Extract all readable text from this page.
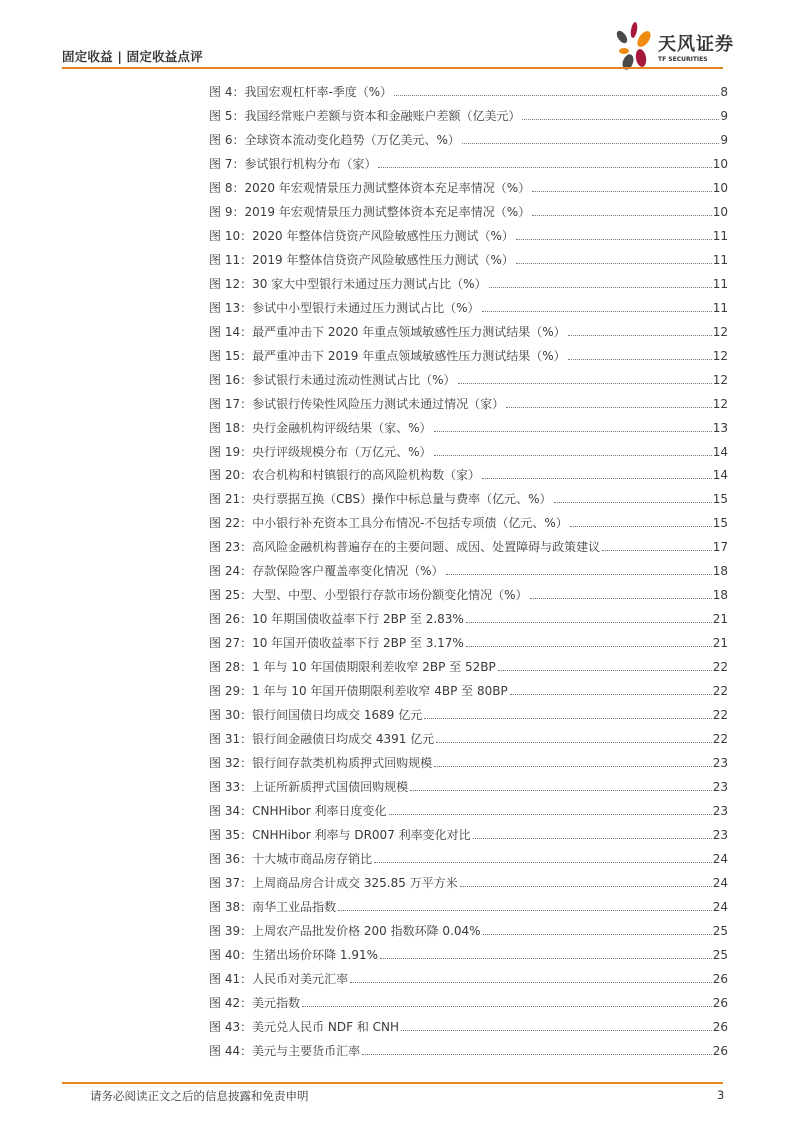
固定收益 | 固定收益点评
天风证券
TF SECURITIES
图 4：我国宏观杠杆率-季度（%）	8
图 5：我国经常账户差额与资本和金融账户差额（亿美元）	9
图 6：全球资本流动变化趋势（万亿美元、%）	9
图 7：参试银行机构分布（家）	10
图 8：2020 年宏观情景压力测试整体资本充足率情况（%）	10
图 9：2019 年宏观情景压力测试整体资本充足率情况（%）	10
图 10：2020 年整体信贷资产风险敏感性压力测试（%）	11
图 11：2019 年整体信贷资产风险敏感性压力测试（%）	11
图 12：30 家大中型银行未通过压力测试占比（%）	11
图 13：参试中小型银行未通过压力测试占比（%）	11
图 14：最严重冲击下 2020 年重点领域敏感性压力测试结果（%）	12
图 15：最严重冲击下 2019 年重点领域敏感性压力测试结果（%）	12
图 16：参试银行未通过流动性测试占比（%）	12
图 17：参试银行传染性风险压力测试未通过情况（家）	12
图 18：央行金融机构评级结果（家、%）	13
图 19：央行评级规模分布（万亿元、%）	14
图 20：农合机构和村镇银行的高风险机构数（家）	14
图 21：央行票据互换（CBS）操作中标总量与费率（亿元、%）	15
图 22：中小银行补充资本工具分布情况-不包括专项债（亿元、%）	15
图 23：高风险金融机构普遍存在的主要问题、成因、处置障碍与政策建议	17
图 24：存款保险客户覆盖率变化情况（%）	18
图 25：大型、中型、小型银行存款市场份额变化情况（%）	18
图 26：10 年期国债收益率下行 2BP 至 2.83%	21
图 27：10 年国开债收益率下行 2BP 至 3.17%	21
图 28：1 年与 10 年国债期限利差收窄 2BP 至 52BP	22
图 29：1 年与 10 年国开债期限利差收窄 4BP 至 80BP	22
图 30：银行间国债日均成交 1689 亿元	22
图 31：银行间金融债日均成交 4391 亿元	22
图 32：银行间存款类机构质押式回购规模	23
图 33：上证所新质押式国债回购规模	23
图 34：CNHHibor 利率日度变化	23
图 35：CNHHibor 利率与 DR007 利率变化对比	23
图 36：十大城市商品房存销比	24
图 37：上周商品房合计成交 325.85 万平方米	24
图 38：南华工业品指数	24
图 39：上周农产品批发价格 200 指数环降 0.04%	25
图 40：生猪出场价环降 1.91%	25
图 41：人民币对美元汇率	26
图 42：美元指数	26
图 43：美元兑人民币 NDF 和 CNH	26
图 44：美元与主要货币汇率	26
请务必阅读正文之后的信息披露和免责申明	3
